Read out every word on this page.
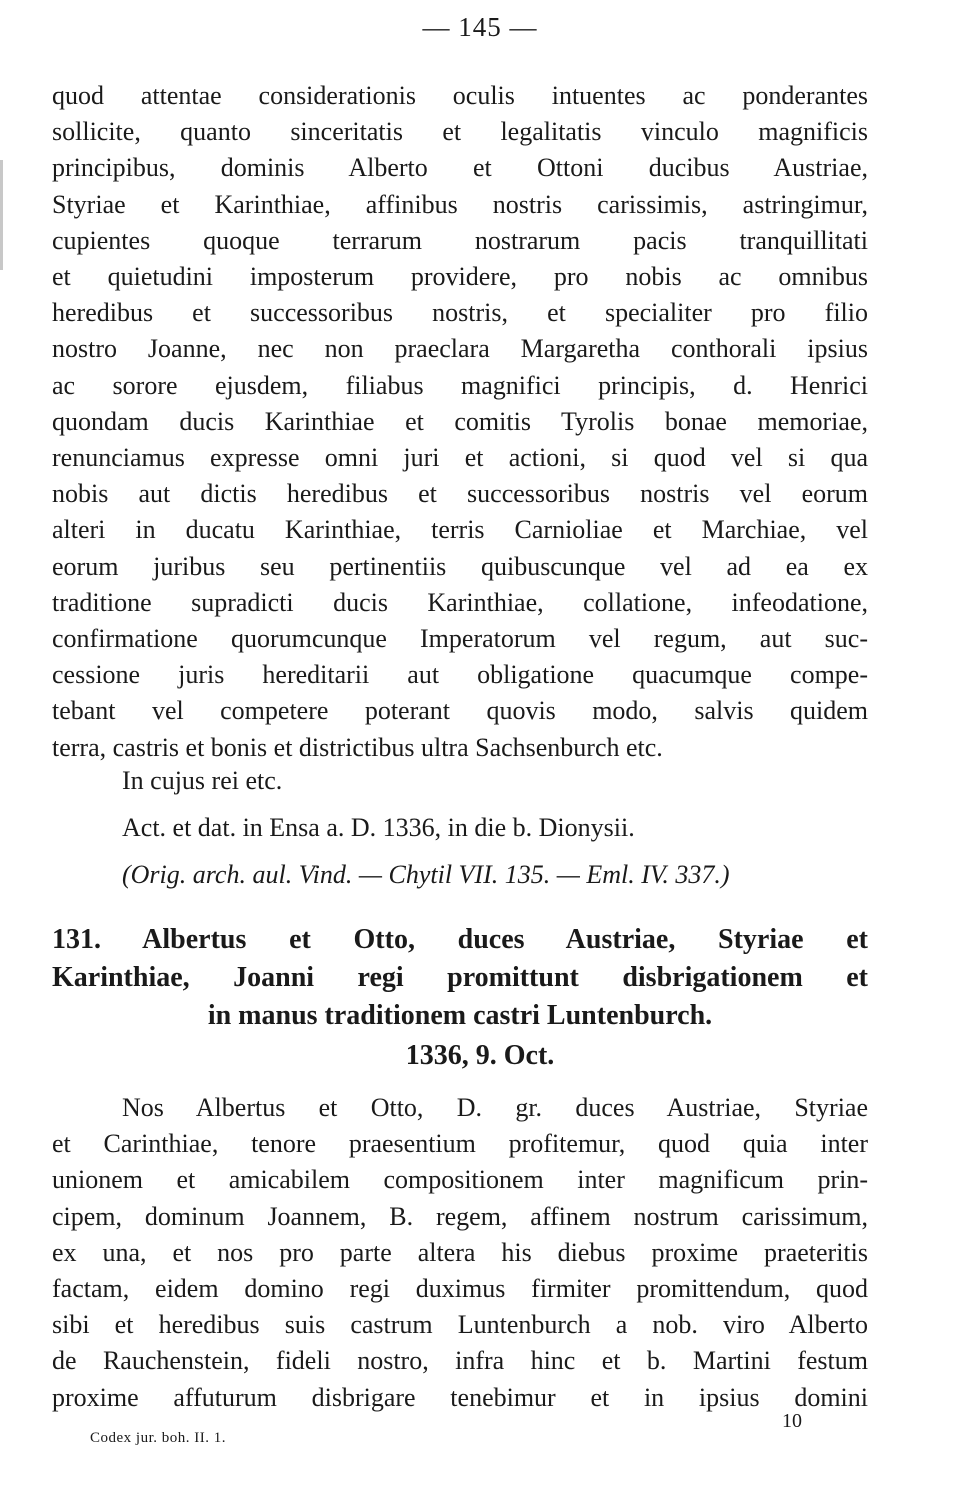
— 145 —
quod attentae considerationis oculis intuentes ac ponderantes
sollicite, quanto sinceritatis et legalitatis vinculo magnificis
principibus, dominis Alberto et Ottoni ducibus Austriae,
Styriae et Karinthiae, affinibus nostris carissimis, astringimur,
cupientes quoque terrarum nostrarum pacis tranquillitati
et quietudini imposterum providere, pro nobis ac omnibus
heredibus et successoribus nostris, et specialiter pro filio
nostro Joanne, nec non praeclara Margaretha conthorali ipsius
ac sorore ejusdem, filiabus magnifici principis, d. Henrici
quondam ducis Karinthiae et comitis Tyrolis bonae memoriae,
renunciamus expresse omni juri et actioni, si quod vel si qua
nobis aut dictis heredibus et successoribus nostris vel eorum
alteri in ducatu Karinthiae, terris Carnioliae et Marchiae, vel
eorum juribus seu pertinentiis quibuscunque vel ad ea ex
traditione supradicti ducis Karinthiae, collatione, infeodatione,
confirmatione quorumcunque Imperatorum vel regum, aut suc-
cessione juris hereditarii aut obligatione quacumque compe-
tebant vel competere poterant quovis modo, salvis quidem
terra, castris et bonis et districtibus ultra Sachsenburch etc.
In cujus rei etc.
Act. et dat. in Ensa a. D. 1336, in die b. Dionysii.
(Orig. arch. aul. Vind. — Chytil VII. 135. — Eml. IV. 337.)
131. Albertus et Otto, duces Austriae, Styriae et
Karinthiae, Joanni regi promittunt disbrigationem et
in manus traditionem castri Luntenburch.
1336, 9. Oct.
Nos Albertus et Otto, D. gr. duces Austriae, Styriae
et Carinthiae, tenore praesentium profitemur, quod quia inter
unionem et amicabilem compositionem inter magnificum prin-
cipem, dominum Joannem, B. regem, affinem nostrum carissimum,
ex una, et nos pro parte altera his diebus proxime praeteritis
factam, eidem domino regi duximus firmiter promittendum, quod
sibi et heredibus suis castrum Luntenburch a nob. viro Alberto
de Rauchenstein, fideli nostro, infra hinc et b. Martini festum
proxime affuturum disbrigare tenebimur et in ipsius domini
Codex jur. boh. II. 1.
10
